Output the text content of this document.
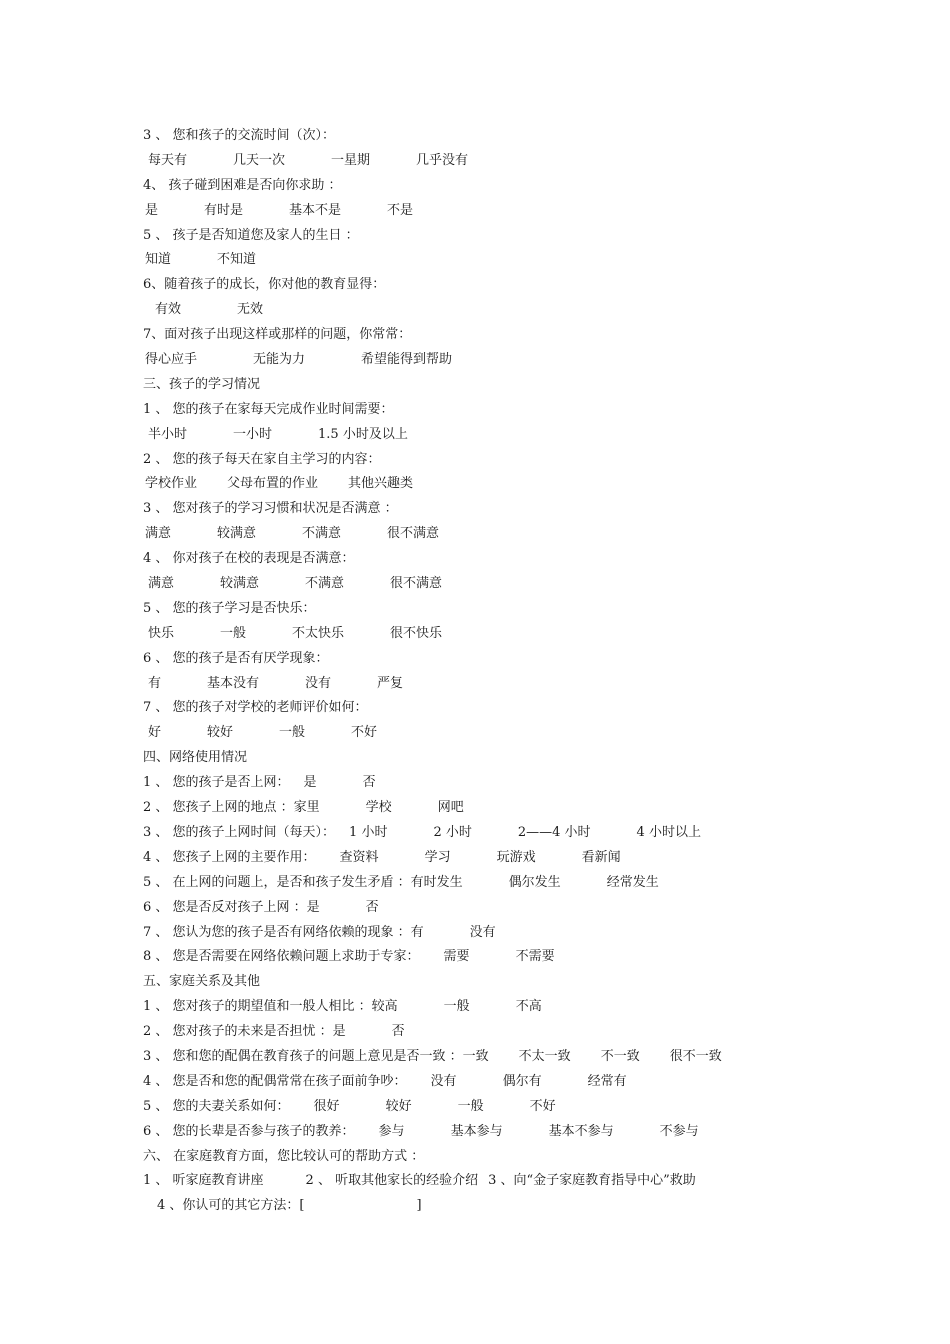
3 、 您和孩子的交流时间（次）：
每天有	几天一次	一星期	几乎没有
4、 孩子碰到困难是否向你求助 ：
是	有时是	基本不是	不是
5 、 孩子是否知道您及家人的生日 ：
知道	不知道
6、随着孩子的成长，你对他的教育显得：
有效	无效
7、面对孩子出现这样或那样的问题，你常常：
得心应手	无能为力	希望能得到帮助
三、孩子的学习情况
1 、 您的孩子在家每天完成作业时间需要：
半小时	一小时	1.5 小时及以上
2 、 您的孩子每天在家自主学习的内容：
学校作业 父母布置的作业 其他兴趣类
3 、 您对孩子的学习习惯和状况是否满意 ：
满意	较满意	不满意	很不满意
4 、 你对孩子在校的表现是否满意：
满意	较满意	不满意	很不满意
5 、 您的孩子学习是否快乐：
快乐	一般	不太快乐	很不快乐
6 、 您的孩子是否有厌学现象：
有	基本没有	没有	严复
7 、 您的孩子对学校的老师评价如何：
好	较好	一般	不好
四、网络使用情况
1 、 您的孩子是否上网： 是	否
2 、 您孩子上网的地点 ：家里	学校	网吧
3 、 您的孩子上网时间（每天）： 1 小时	2 小时	2——4 小时	4 小时以上
4 、 您孩子上网的主要作用： 查资料	学习	玩游戏	看新闻
5 、 在上网的问题上，是否和孩子发生矛盾 ：有时发生	偶尔发生	经常发生
6 、 您是否反对孩子上网 ：是	否
7 、 您认为您的孩子是否有网络依赖的现象 ：有	没有
8 、 您是否需要在网络依赖问题上求助于专家： 需要	不需要
五、家庭关系及其他
1 、 您对孩子的期望值和一般人相比 ：较高	一般	不高
2 、 您对孩子的未来是否担忧 ：是	否
3 、 您和您的配偶在教育孩子的问题上意见是否一致 ：一致 不太一致 不一致 很不一致
4 、 您是否和您的配偶常常在孩子面前争吵： 没有	偶尔有	经常有
5 、 您的夫妻关系如何： 很好	较好	一般	不好
6 、 您的长辈是否参与孩子的教养： 参与	基本参与	基本不参与	不参与
六、 在家庭教育方面，您比较认可的帮助方式 ：
1 、 听家庭教育讲座	2 、 听取其他家长的经验介绍 3 、向“金子家庭教育指导中心”救助
4 、你认可的其它方法：[	]
